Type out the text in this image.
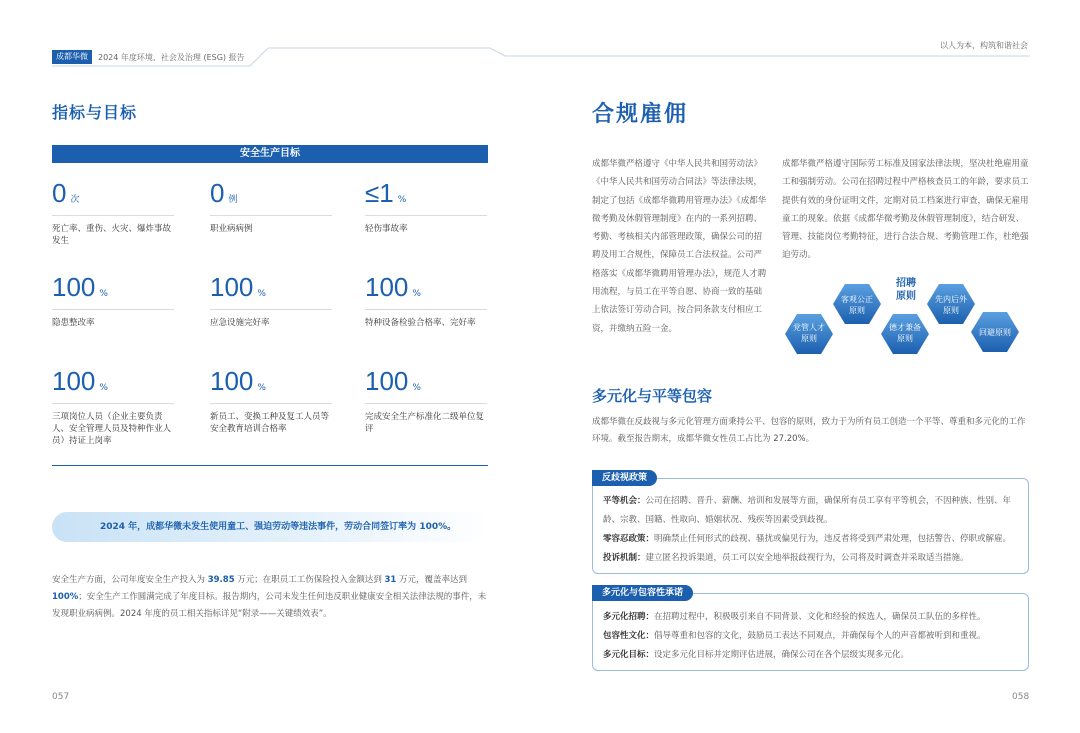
成都华微	2024 年度环境、社会及治理 (ESG) 报告
以人为本，构筑和谐社会
指标与目标
安全生产目标
0 次
死亡率、重伤、火灾、爆炸事故发生
0 例
职业病病例
≤1 %
轻伤事故率
100 %
隐患整改率
100 %
应急设施完好率
100 %
特种设备检验合格率、完好率
100 %
三项岗位人员（企业主要负责人、安全管理人员及特种作业人员）持证上岗率
100 %
新员工、变换工种及复工人员等安全教育培训合格率
100 %
完成安全生产标准化二级单位复评
2024 年，成都华微未发生使用童工、强迫劳动等违法事件，劳动合同签订率为 100%。
安全生产方面，公司年度安全生产投入为 39.85 万元；在职员工工伤保险投入金额达到 31 万元，覆盖率达到 100%；安全生产工作圆满完成了年度目标。报告期内，公司未发生任何违反职业健康安全相关法律法规的事件，未发现职业病病例。2024 年度的员工相关指标详见“附录——关键绩效表”。
057
合规雇佣
成都华微严格遵守《中华人民共和国劳动法》《中华人民共和国劳动合同法》等法律法规，制定了包括《成都华微聘用管理办法》《成都华微考勤及休假管理制度》在内的一系列招聘、考勤、考核相关内部管理政策，确保公司的招聘及用工合规性，保障员工合法权益。公司严格落实《成都华微聘用管理办法》，规范人才聘用流程，与员工在平等自愿、协商一致的基础上依法签订劳动合同，按合同条款支付相应工资，并缴纳五险一金。
成都华微严格遵守国际劳工标准及国家法律法规，坚决杜绝雇用童工和强制劳动。公司在招聘过程中严格核查员工的年龄，要求员工提供有效的身份证明文件，定期对员工档案进行审查，确保无雇用童工的现象。依据《成都华微考勤及休假管理制度》，结合研发、管理、技能岗位考勤特征，进行合法合规、考勤管理工作，杜绝强迫劳动。
党管人才
原则
客观公正
原则
招聘
原则
德才兼备
原则
先内后外
原则
回避原则
多元化与平等包容
成都华微在反歧视与多元化管理方面秉持公平、包容的原则，致力于为所有员工创造一个平等、尊重和多元化的工作环境。截至报告期末，成都华微女性员工占比为 27.20%。
反歧视政策
平等机会：公司在招聘、晋升、薪酬、培训和发展等方面，确保所有员工享有平等机会，不因种族、性别、年龄、宗教、国籍、性取向、婚姻状况、残疾等因素受到歧视。
零容忍政策：明确禁止任何形式的歧视、骚扰或偏见行为，违反者将受到严肃处理，包括警告、停职或解雇。
投诉机制：建立匿名投诉渠道，员工可以安全地举报歧视行为，公司将及时调查并采取适当措施。
多元化与包容性承诺
多元化招聘：在招聘过程中，积极吸引来自不同背景、文化和经验的候选人，确保员工队伍的多样性。
包容性文化：倡导尊重和包容的文化，鼓励员工表达不同观点，并确保每个人的声音都被听到和重视。
多元化目标：设定多元化目标并定期评估进展，确保公司在各个层级实现多元化。
058
